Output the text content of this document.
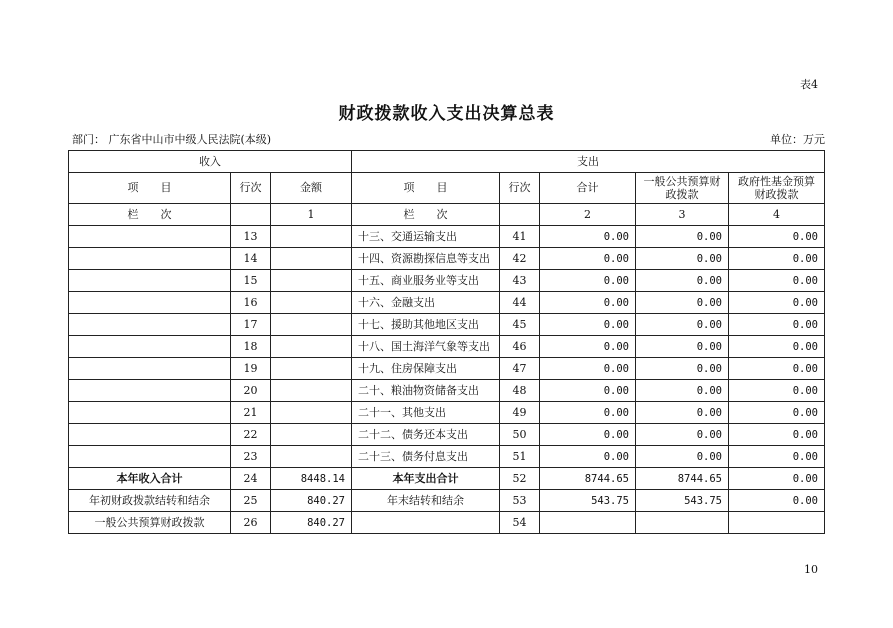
表4
财政拨款收入支出决算总表
部门： 广东省中山市中级人民法院(本级)	单位：万元
收入			支出				
项　　目	行次	金额	项　　目	行次	合计	一般公共预算财政拨款	政府性基金预算财政拨款
栏　　次		1	栏　　次		2	3	4
	13		十三、交通运输支出	41	0.00	0.00	0.00
	14		十四、资源勘探信息等支出	42	0.00	0.00	0.00
	15		十五、商业服务业等支出	43	0.00	0.00	0.00
	16		十六、金融支出	44	0.00	0.00	0.00
	17		十七、援助其他地区支出	45	0.00	0.00	0.00
	18		十八、国土海洋气象等支出	46	0.00	0.00	0.00
	19		十九、住房保障支出	47	0.00	0.00	0.00
	20		二十、粮油物资储备支出	48	0.00	0.00	0.00
	21		二十一、其他支出	49	0.00	0.00	0.00
	22		二十二、债务还本支出	50	0.00	0.00	0.00
	23		二十三、债务付息支出	51	0.00	0.00	0.00
本年收入合计	24	8448.14	本年支出合计	52	8744.65	8744.65	0.00
年初财政拨款结转和结余	25	840.27	年末结转和结余	53	543.75	543.75	0.00
一般公共预算财政拨款	26	840.27		54			
10
